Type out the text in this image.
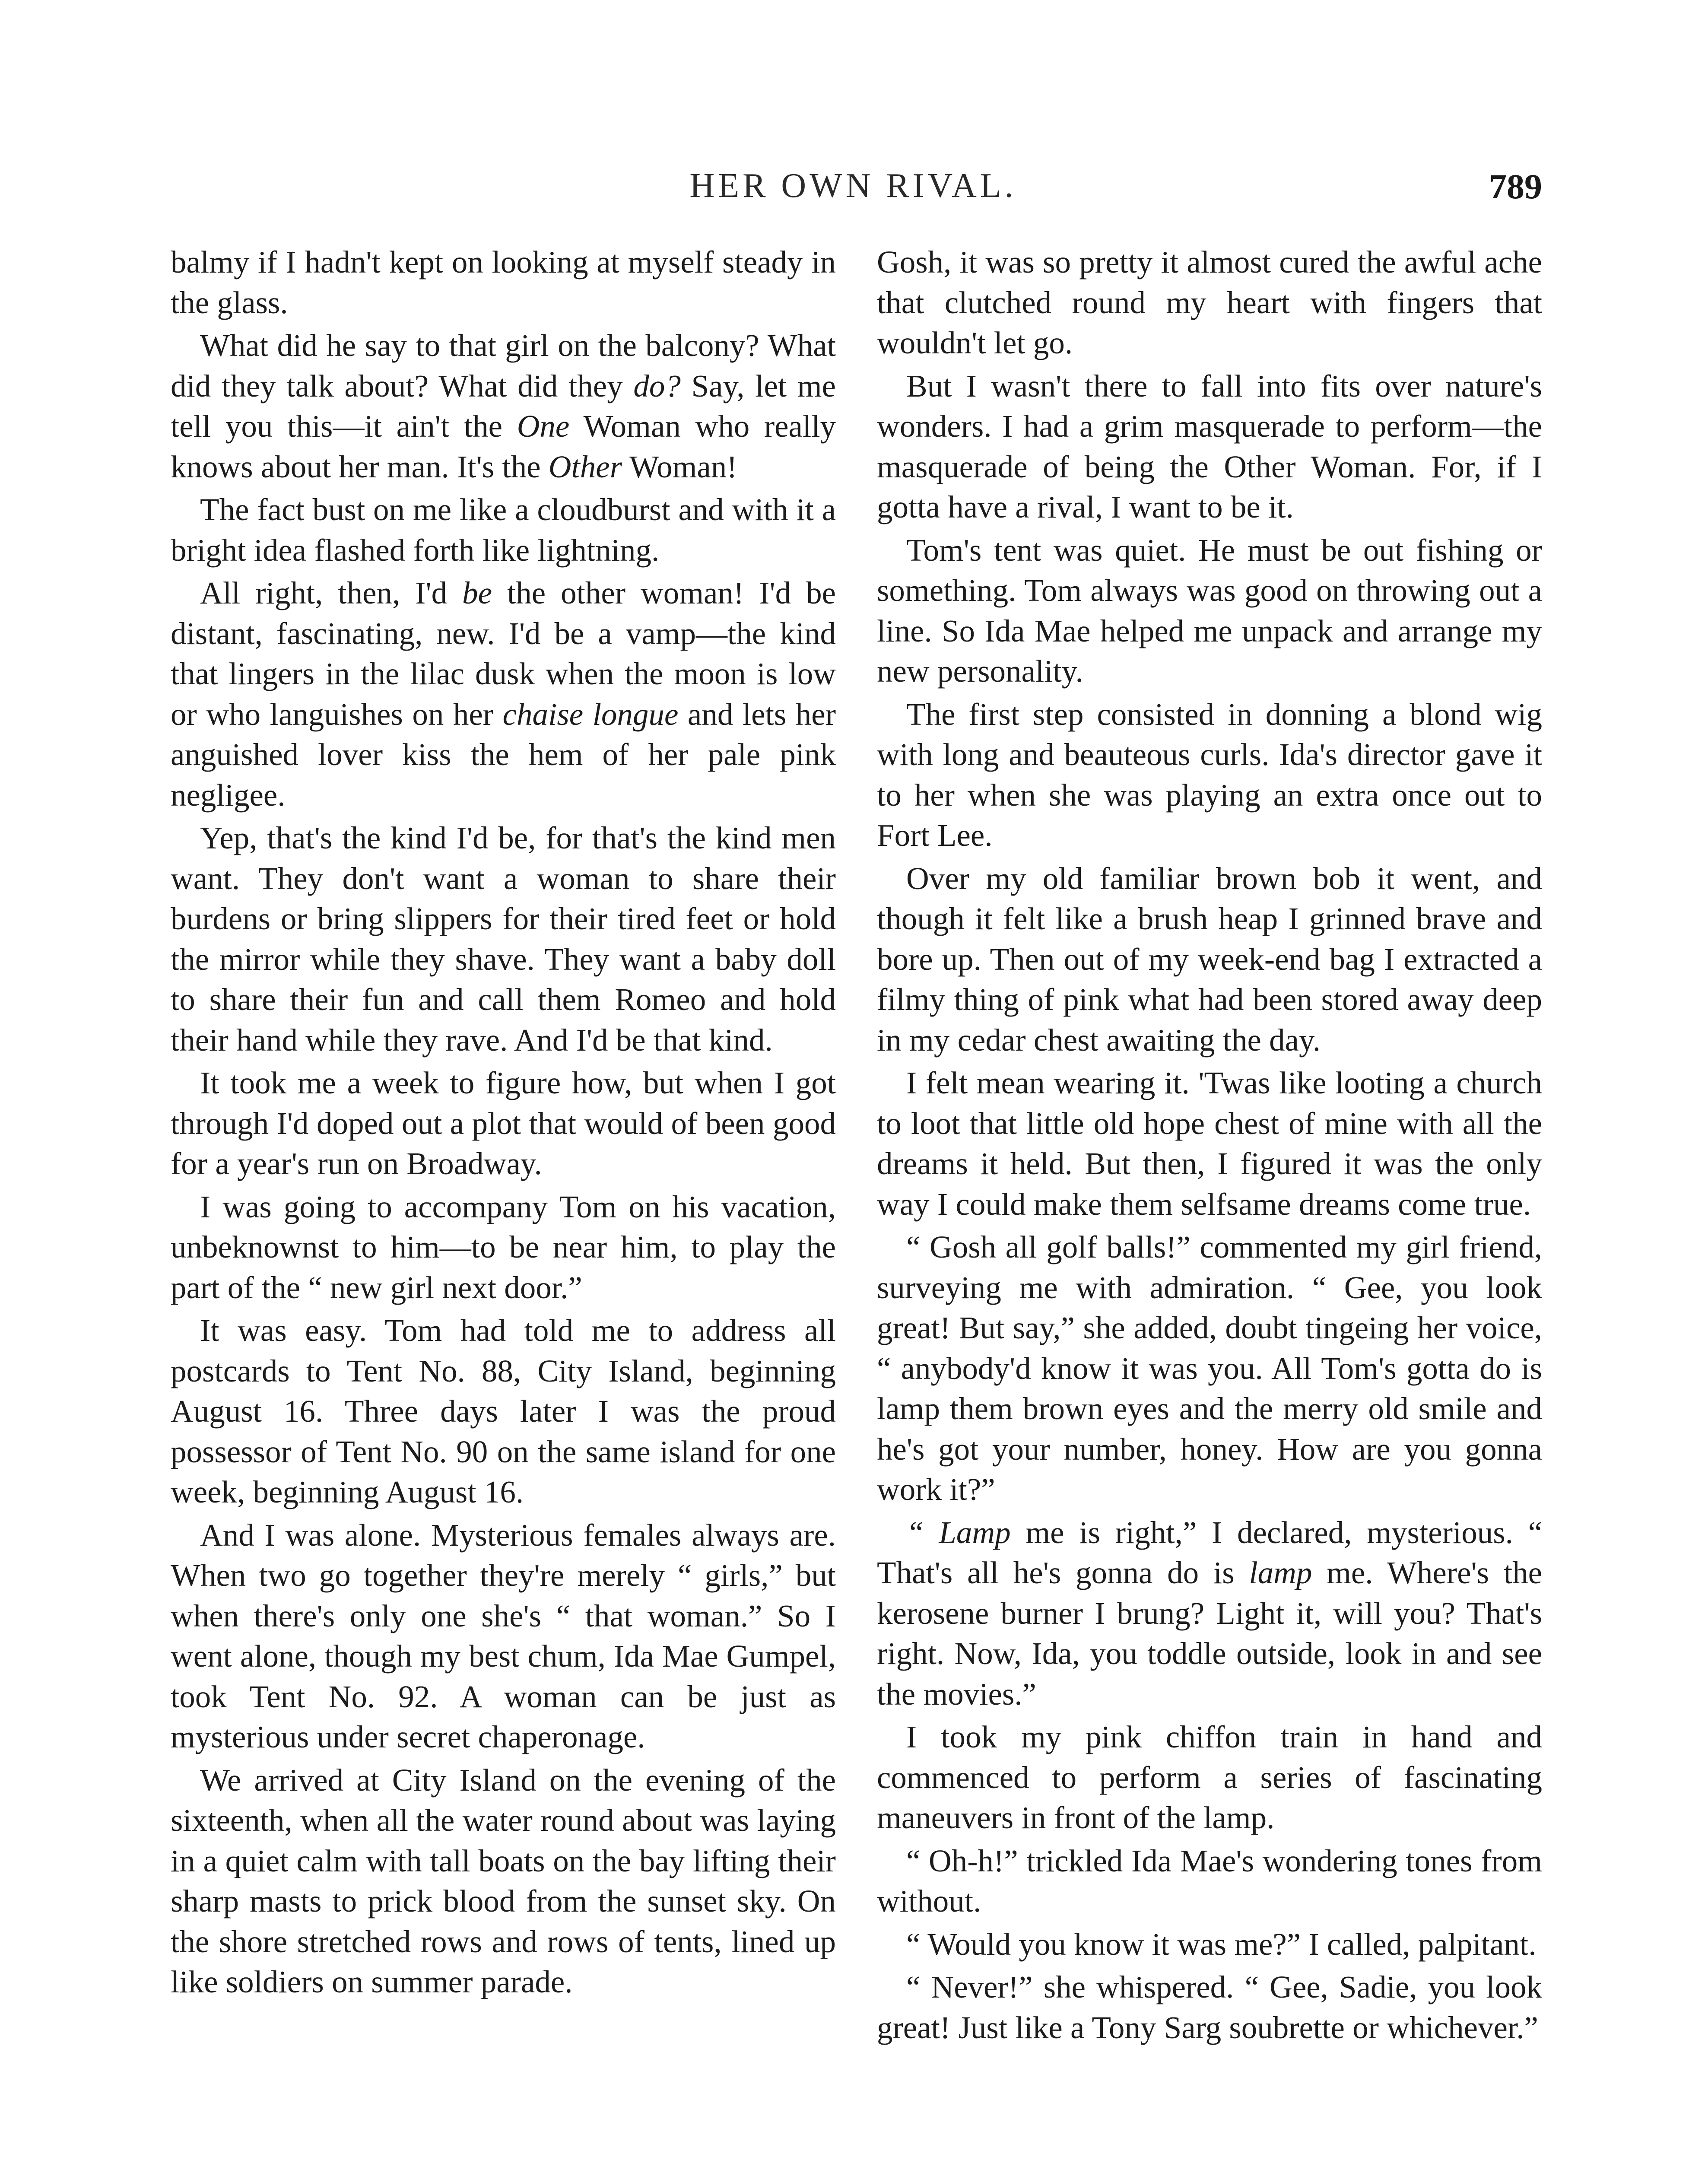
HER OWN RIVAL.	789

balmy if I hadn't kept on looking at myself steady in the glass.

What did he say to that girl on the balcony? What did they talk about? What did they do? Say, let me tell you this—it ain't the One Woman who really knows about her man. It's the Other Woman!

The fact bust on me like a cloudburst and with it a bright idea flashed forth like lightning.

All right, then, I'd be the other woman! I'd be distant, fascinating, new. I'd be a vamp—the kind that lingers in the lilac dusk when the moon is low or who languishes on her chaise longue and lets her anguished lover kiss the hem of her pale pink negligee.

Yep, that's the kind I'd be, for that's the kind men want. They don't want a woman to share their burdens or bring slippers for their tired feet or hold the mirror while they shave. They want a baby doll to share their fun and call them Romeo and hold their hand while they rave. And I'd be that kind.

It took me a week to figure how, but when I got through I'd doped out a plot that would of been good for a year's run on Broadway.

I was going to accompany Tom on his vacation, unbeknownst to him—to be near him, to play the part of the “ new girl next door.”

It was easy. Tom had told me to address all postcards to Tent No. 88, City Island, beginning August 16. Three days later I was the proud possessor of Tent No. 90 on the same island for one week, beginning August 16.

And I was alone. Mysterious females always are. When two go together they're merely “ girls,” but when there's only one she's “ that woman.” So I went alone, though my best chum, Ida Mae Gumpel, took Tent No. 92. A woman can be just as mysterious under secret chaperonage.

We arrived at City Island on the evening of the sixteenth, when all the water round about was laying in a quiet calm with tall boats on the bay lifting their sharp masts to prick blood from the sunset sky. On the shore stretched rows and rows of tents, lined up like soldiers on summer parade.

Gosh, it was so pretty it almost cured the awful ache that clutched round my heart with fingers that wouldn't let go.

But I wasn't there to fall into fits over nature's wonders. I had a grim masquerade to perform—the masquerade of being the Other Woman. For, if I gotta have a rival, I want to be it.

Tom's tent was quiet. He must be out fishing or something. Tom always was good on throwing out a line. So Ida Mae helped me unpack and arrange my new personality.

The first step consisted in donning a blond wig with long and beauteous curls. Ida's director gave it to her when she was playing an extra once out to Fort Lee.

Over my old familiar brown bob it went, and though it felt like a brush heap I grinned brave and bore up. Then out of my week-end bag I extracted a filmy thing of pink what had been stored away deep in my cedar chest awaiting the day.

I felt mean wearing it. 'Twas like looting a church to loot that little old hope chest of mine with all the dreams it held. But then, I figured it was the only way I could make them selfsame dreams come true.

“ Gosh all golf balls!” commented my girl friend, surveying me with admiration. “ Gee, you look great! But say,” she added, doubt tingeing her voice, “ anybody'd know it was you. All Tom's gotta do is lamp them brown eyes and the merry old smile and he's got your number, honey. How are you gonna work it?”

“ Lamp me is right,” I declared, mysterious. “ That's all he's gonna do is lamp me. Where's the kerosene burner I brung? Light it, will you? That's right. Now, Ida, you toddle outside, look in and see the movies.”

I took my pink chiffon train in hand and commenced to perform a series of fascinating maneuvers in front of the lamp.

“ Oh-h!” trickled Ida Mae's wondering tones from without.

“ Would you know it was me?” I called, palpitant.

“ Never!” she whispered. “ Gee, Sadie, you look great! Just like a Tony Sarg soubrette or whichever.”
